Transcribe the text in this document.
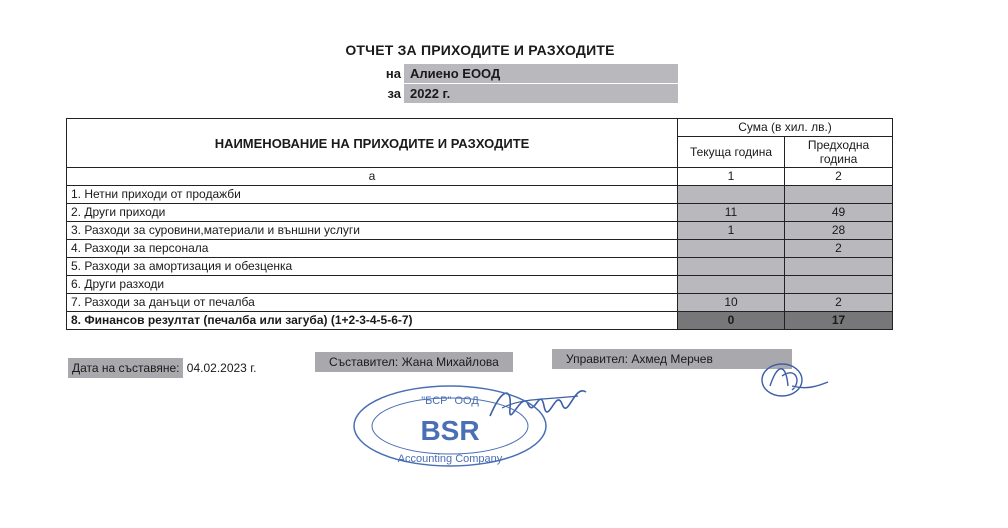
ОТЧЕТ ЗА ПРИХОДИТЕ И РАЗХОДИТЕ
на Алиено ЕООД
за 2022 г.
НАИМЕНОВАНИЕ НА ПРИХОДИТЕ И РАЗХОДИТЕ	Сума (в хил. лв.)	
	Текуща година	Предходна година
а	1	2
1. Нетни приходи от продажби		
2. Други приходи	11	49
3. Разходи за суровини,материали и външни услуги	1	28
4. Разходи за персонала		2
5. Разходи за амортизация и обезценка		
6. Други разходи		
7. Разходи за данъци от печалба	10	2
8. Финансов резултат (печалба или загуба) (1+2-3-4-5-6-7)	0	17
Дата на съставяне: 04.02.2023 г.	Съставител: Жана Михайлова	Управител: Ахмед Мерчев
"БСР" ООД
BSR
Accounting Company
